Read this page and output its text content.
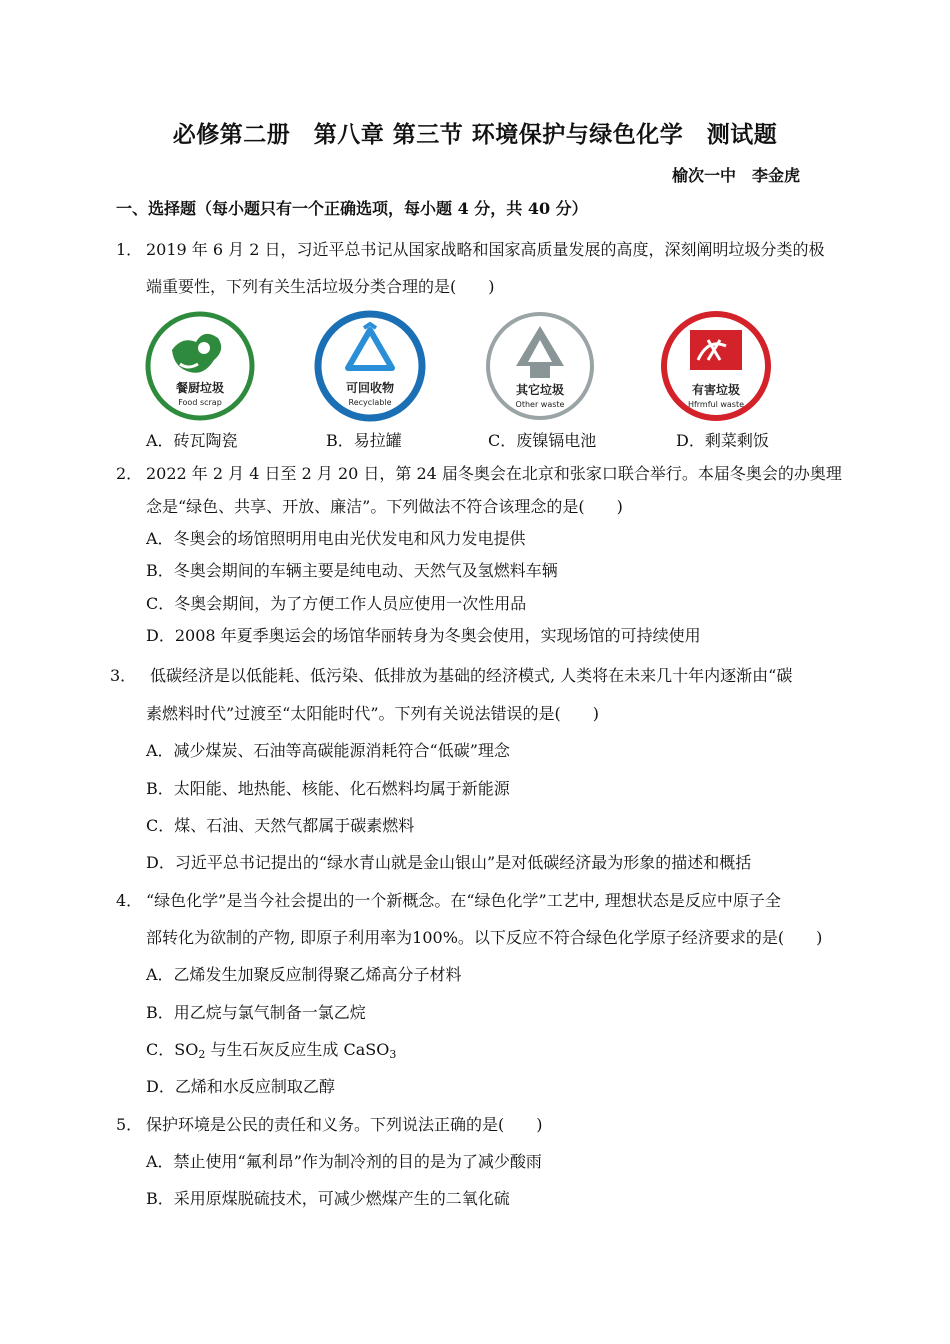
必修第二册　第八章 第三节 环境保护与绿色化学　测试题
榆次一中　李金虎
一、选择题（每小题只有一个正确选项，每小题 4 分，共 40 分）
1． 2019 年 6 月 2 日，习近平总书记从国家战略和国家高质量发展的高度，深刻阐明垃圾分类的极
端重要性，下列有关生活垃圾分类合理的是(　　)
餐厨垃圾
Food scrap
可回收物
Recyclable
其它垃圾
Other waste
有害垃圾
Hfrmful waste
A．砖瓦陶瓷	B．易拉罐	C．废镍镉电池	D．剩菜剩饭
2． 2022 年 2 月 4 日至 2 月 20 日，第 24 届冬奥会在北京和张家口联合举行。本届冬奥会的办奥理
念是“绿色、共享、开放、廉洁”。下列做法不符合该理念的是(　　)
A．冬奥会的场馆照明用电由光伏发电和风力发电提供
B．冬奥会期间的车辆主要是纯电动、天然气及氢燃料车辆
C．冬奥会期间，为了方便工作人员应使用一次性用品
D．2008 年夏季奥运会的场馆华丽转身为冬奥会使用，实现场馆的可持续使用
3． 低碳经济是以低能耗、低污染、低排放为基础的经济模式, 人类将在未来几十年内逐渐由“碳
素燃料时代”过渡至“太阳能时代”。下列有关说法错误的是(　　)
A．减少煤炭、石油等高碳能源消耗符合“低碳”理念
B．太阳能、地热能、核能、化石燃料均属于新能源
C．煤、石油、天然气都属于碳素燃料
D．习近平总书记提出的“绿水青山就是金山银山”是对低碳经济最为形象的描述和概括
4． “绿色化学”是当今社会提出的一个新概念。在“绿色化学”工艺中, 理想状态是反应中原子全
部转化为欲制的产物, 即原子利用率为100%。以下反应不符合绿色化学原子经济要求的是(　　)
A．乙烯发生加聚反应制得聚乙烯高分子材料
B．用乙烷与氯气制备一氯乙烷
C．$SO_2$ 与生石灰反应生成 CaSO$_3$
D．乙烯和水反应制取乙醇
5． 保护环境是公民的责任和义务。下列说法正确的是(　　)
A．禁止使用“氟利昂”作为制冷剂的目的是为了减少酸雨
B．采用原煤脱硫技术，可减少燃煤产生的二氧化硫
